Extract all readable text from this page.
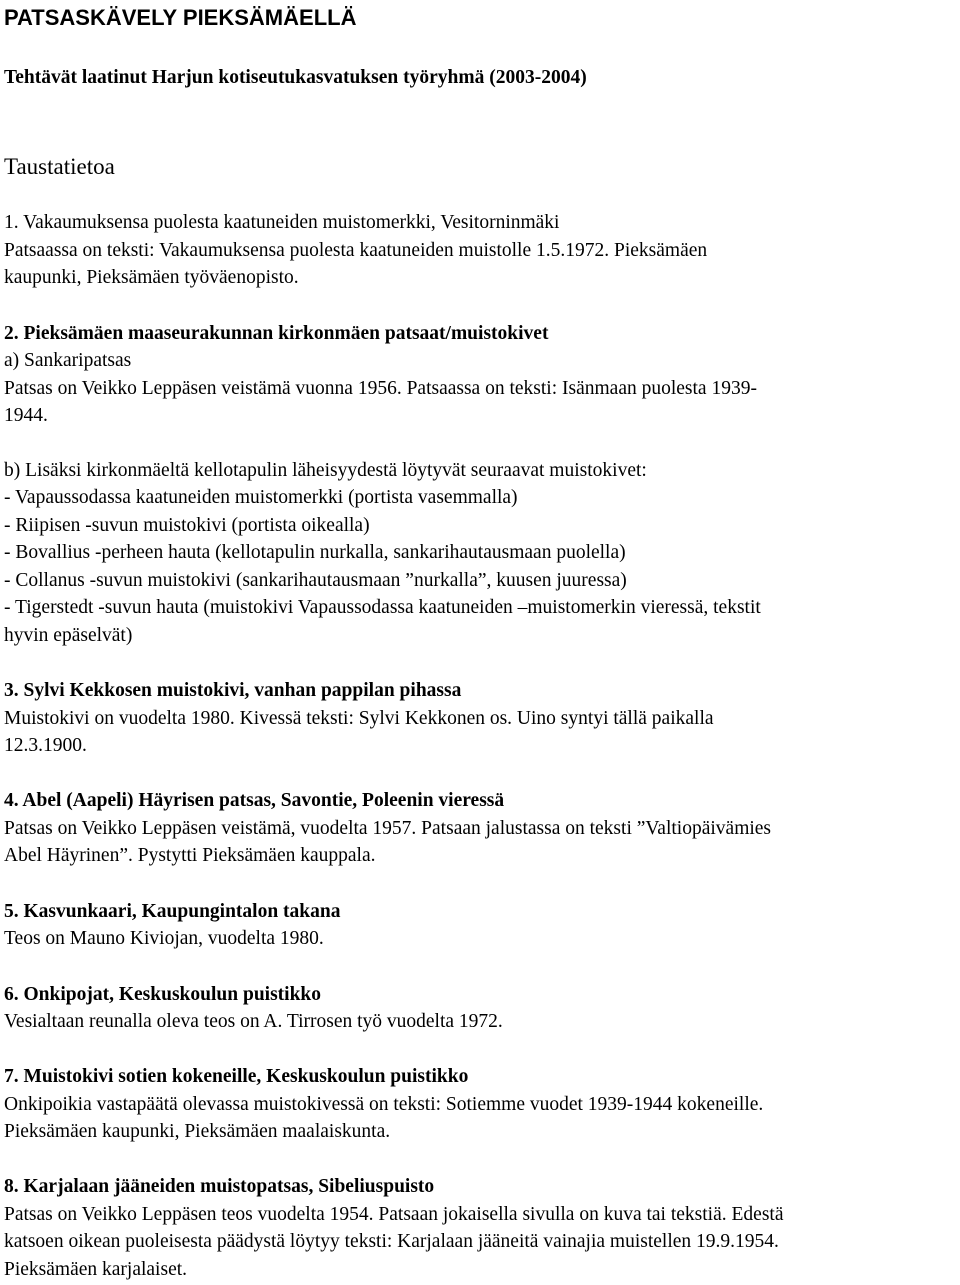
PATSASKÄVELY PIEKSÄMÄELLÄ
Tehtävät laatinut Harjun kotiseutukasvatuksen työryhmä (2003-2004)
Taustatietoa
1. Vakaumuksensa puolesta kaatuneiden muistomerkki, Vesitorninmäki
Patsaassa on teksti: Vakaumuksensa puolesta kaatuneiden muistolle 1.5.1972. Pieksämäen
kaupunki, Pieksämäen työväenopisto.
2. Pieksämäen maaseurakunnan kirkonmäen patsaat/muistokivet
a) Sankaripatsas
Patsas on Veikko Leppäsen veistämä vuonna 1956. Patsaassa on teksti: Isänmaan puolesta 1939-
1944.
b) Lisäksi kirkonmäeltä kellotapulin läheisyydestä löytyvät seuraavat muistokivet:
- Vapaussodassa kaatuneiden muistomerkki (portista vasemmalla)
- Riipisen -suvun muistokivi (portista oikealla)
- Bovallius -perheen hauta (kellotapulin nurkalla, sankarihautausmaan puolella)
- Collanus -suvun muistokivi (sankarihautausmaan ”nurkalla”, kuusen juuressa)
- Tigerstedt -suvun hauta (muistokivi Vapaussodassa kaatuneiden –muistomerkin vieressä, tekstit
hyvin epäselvät)
3. Sylvi Kekkosen muistokivi, vanhan pappilan pihassa
Muistokivi on vuodelta 1980. Kivessä teksti: Sylvi Kekkonen os. Uino syntyi tällä paikalla
12.3.1900.
4. Abel (Aapeli) Häyrisen patsas, Savontie, Poleenin vieressä
Patsas on Veikko Leppäsen veistämä, vuodelta 1957. Patsaan jalustassa on teksti ”Valtiopäivämies
Abel Häyrinen”. Pystytti Pieksämäen kauppala.
5. Kasvunkaari, Kaupungintalon takana
Teos on Mauno Kiviojan, vuodelta 1980.
6. Onkipojat, Keskuskoulun puistikko
Vesialtaan reunalla oleva teos on A. Tirrosen työ vuodelta 1972.
7. Muistokivi sotien kokeneille, Keskuskoulun puistikko
Onkipoikia vastapäätä olevassa muistokivessä on teksti: Sotiemme vuodet 1939-1944 kokeneille.
Pieksämäen kaupunki, Pieksämäen maalaiskunta.
8. Karjalaan jääneiden muistopatsas, Sibeliuspuisto
Patsas on Veikko Leppäsen teos vuodelta 1954. Patsaan jokaisella sivulla on kuva tai tekstiä. Edestä
katsoen oikean puoleisesta päädystä löytyy teksti: Karjalaan jääneitä vainajia muistellen 19.9.1954.
Pieksämäen karjalaiset.
